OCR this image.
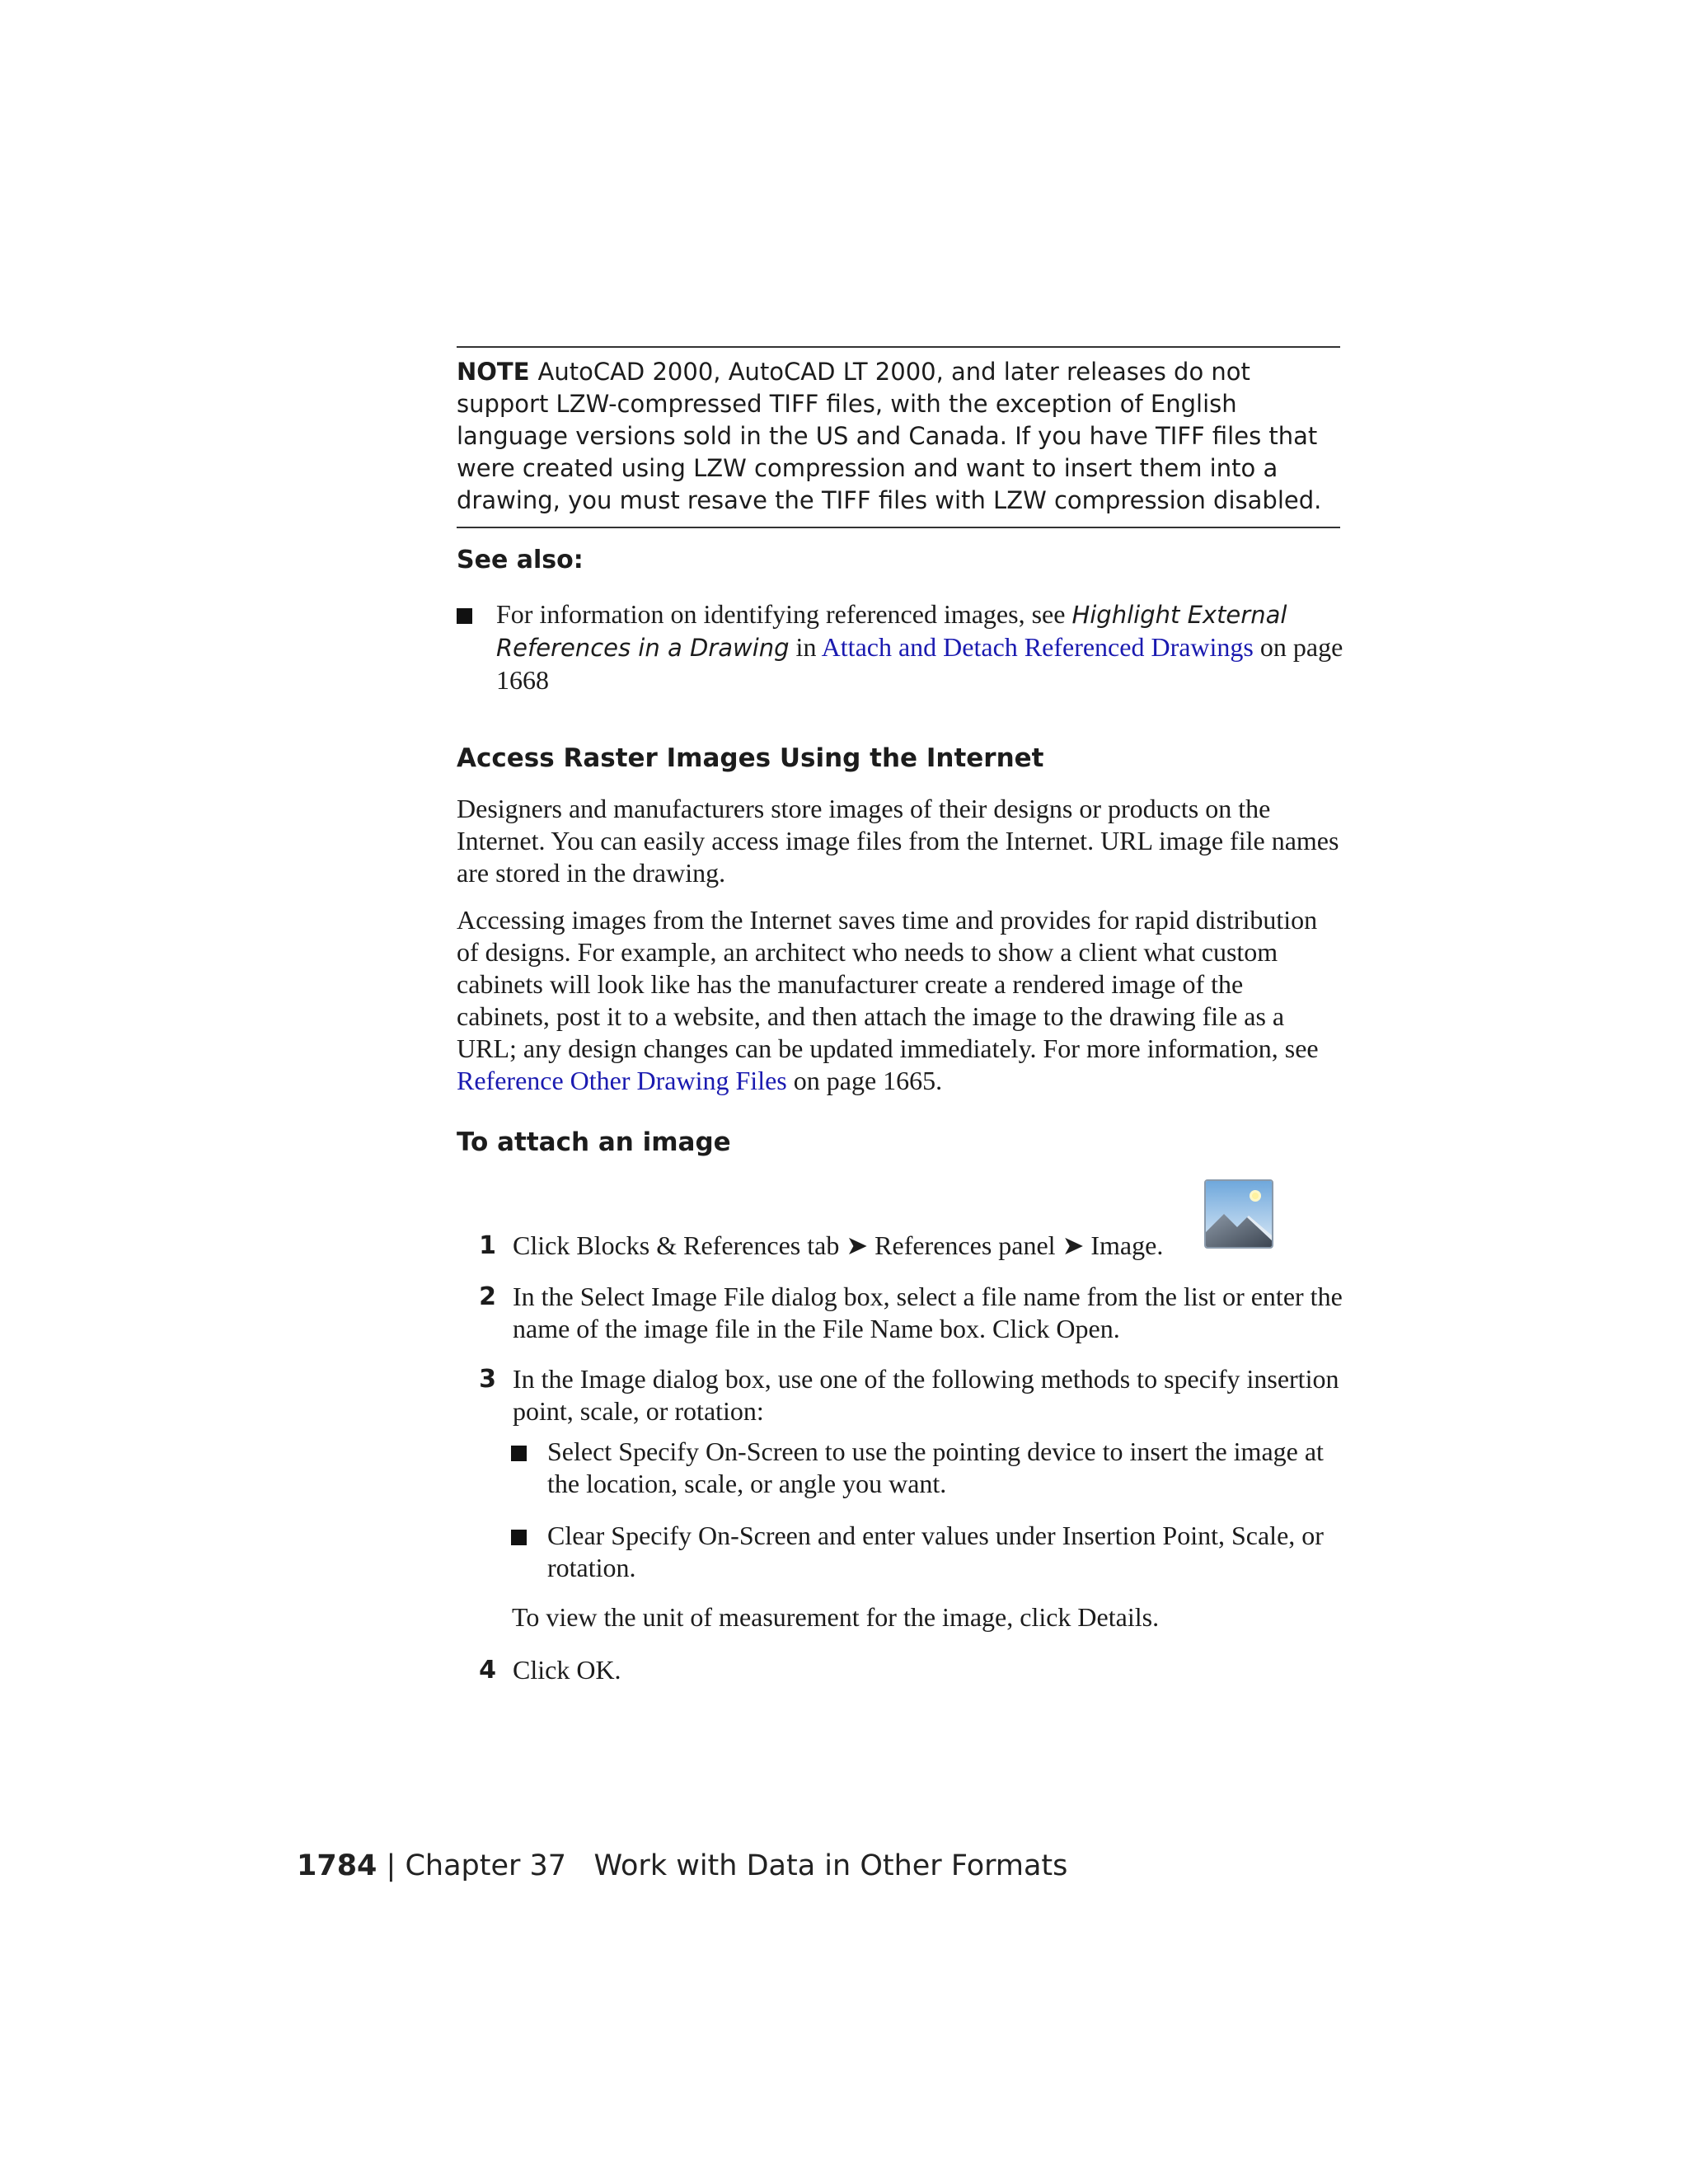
NOTE AutoCAD 2000, AutoCAD LT 2000, and later releases do not support LZW-compressed TIFF files, with the exception of English language versions sold in the US and Canada. If you have TIFF files that were created using LZW compression and want to insert them into a drawing, you must resave the TIFF files with LZW compression disabled.
See also:
For information on identifying referenced images, see Highlight External References in a Drawing in Attach and Detach Referenced Drawings on page 1668
Access Raster Images Using the Internet

Designers and manufacturers store images of their designs or products on the Internet. You can easily access image files from the Internet. URL image file names are stored in the drawing.

Accessing images from the Internet saves time and provides for rapid distribution of designs. For example, an architect who needs to show a client what custom cabinets will look like has the manufacturer create a rendered image of the cabinets, post it to a website, and then attach the image to the drawing file as a URL; any design changes can be updated immediately. For more information, see Reference Other Drawing Files on page 1665.

To attach an image
1 Click Blocks & References tab ➤ References panel ➤ Image.
2 In the Select Image File dialog box, select a file name from the list or enter the name of the image file in the File Name box. Click Open.
3 In the Image dialog box, use one of the following methods to specify insertion point, scale, or rotation:
Select Specify On-Screen to use the pointing device to insert the image at the location, scale, or angle you want.
Clear Specify On-Screen and enter values under Insertion Point, Scale, or rotation.
To view the unit of measurement for the image, click Details.
4 Click OK.
1784 | Chapter 37 Work with Data in Other Formats
